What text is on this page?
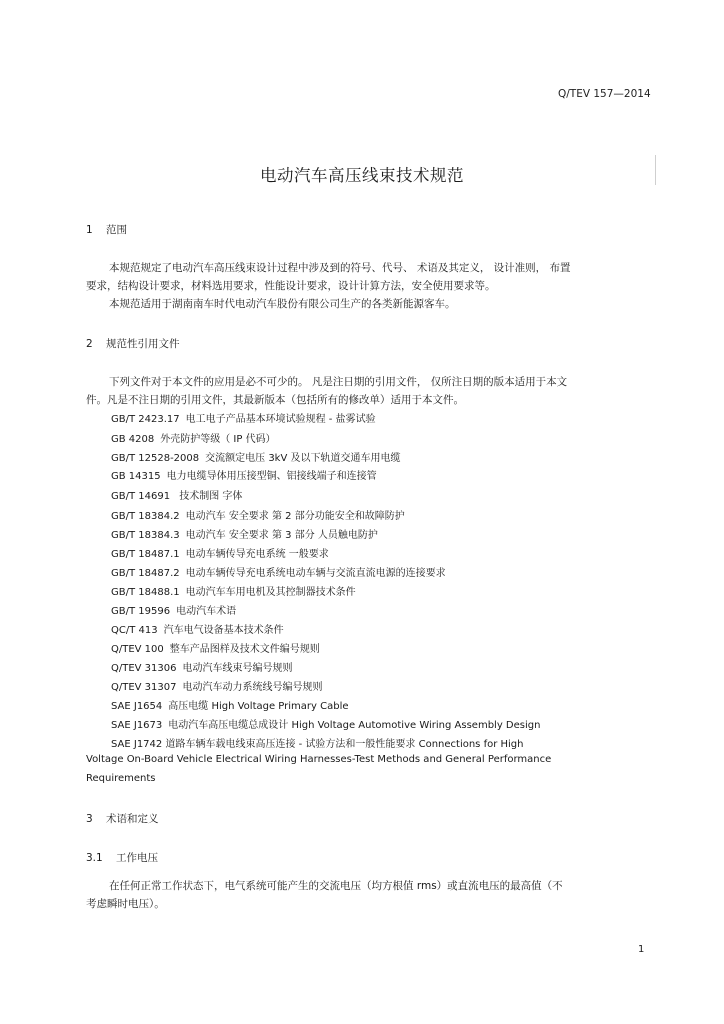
Q/TEV 157—2014
电动汽车高压线束技术规范
1 范围
本规范规定了电动汽车高压线束设计过程中涉及到的符号、代号、 术语及其定义， 设计准则， 布置
要求，结构设计要求，材料选用要求，性能设计要求，设计计算方法，安全使用要求等。
本规范适用于湖南南车时代电动汽车股份有限公司生产的各类新能源客车。
2 规范性引用文件
下列文件对于本文件的应用是必不可少的。 凡是注日期的引用文件， 仅所注日期的版本适用于本文
件。凡是不注日期的引用文件，其最新版本（包括所有的修改单）适用于本文件。
GB/T 2423.17 电工电子产品基本环境试验规程 - 盐雾试验
GB 4208 外壳防护等级（ IP 代码）
GB/T 12528-2008 交流额定电压 3kV 及以下轨道交通车用电缆
GB 14315 电力电缆导体用压接型铜、铝接线端子和连接管
GB/T 14691 技术制图 字体
GB/T 18384.2 电动汽车 安全要求 第 2 部分功能安全和故障防护
GB/T 18384.3 电动汽车 安全要求 第 3 部分 人员触电防护
GB/T 18487.1 电动车辆传导充电系统 一般要求
GB/T 18487.2 电动车辆传导充电系统电动车辆与交流直流电源的连接要求
GB/T 18488.1 电动汽车车用电机及其控制器技术条件
GB/T 19596 电动汽车术语
QC/T 413 汽车电气设备基本技术条件
Q/TEV 100 整车产品图样及技术文件编号规则
Q/TEV 31306 电动汽车线束号编号规则
Q/TEV 31307 电动汽车动力系统线号编号规则
SAE J1654 高压电缆 High Voltage Primary Cable
SAE J1673 电动汽车高压电缆总成设计 High Voltage Automotive Wiring Assembly Design
SAE J1742 道路车辆车载电线束高压连接 - 试验方法和一般性能要求 Connections for High
Voltage On-Board Vehicle Electrical Wiring Harnesses-Test Methods and General Performance
Requirements
3 术语和定义
3.1 工作电压
在任何正常工作状态下，电气系统可能产生的交流电压（均方根值 rms）或直流电压的最高值（不
考虑瞬时电压）。
1
